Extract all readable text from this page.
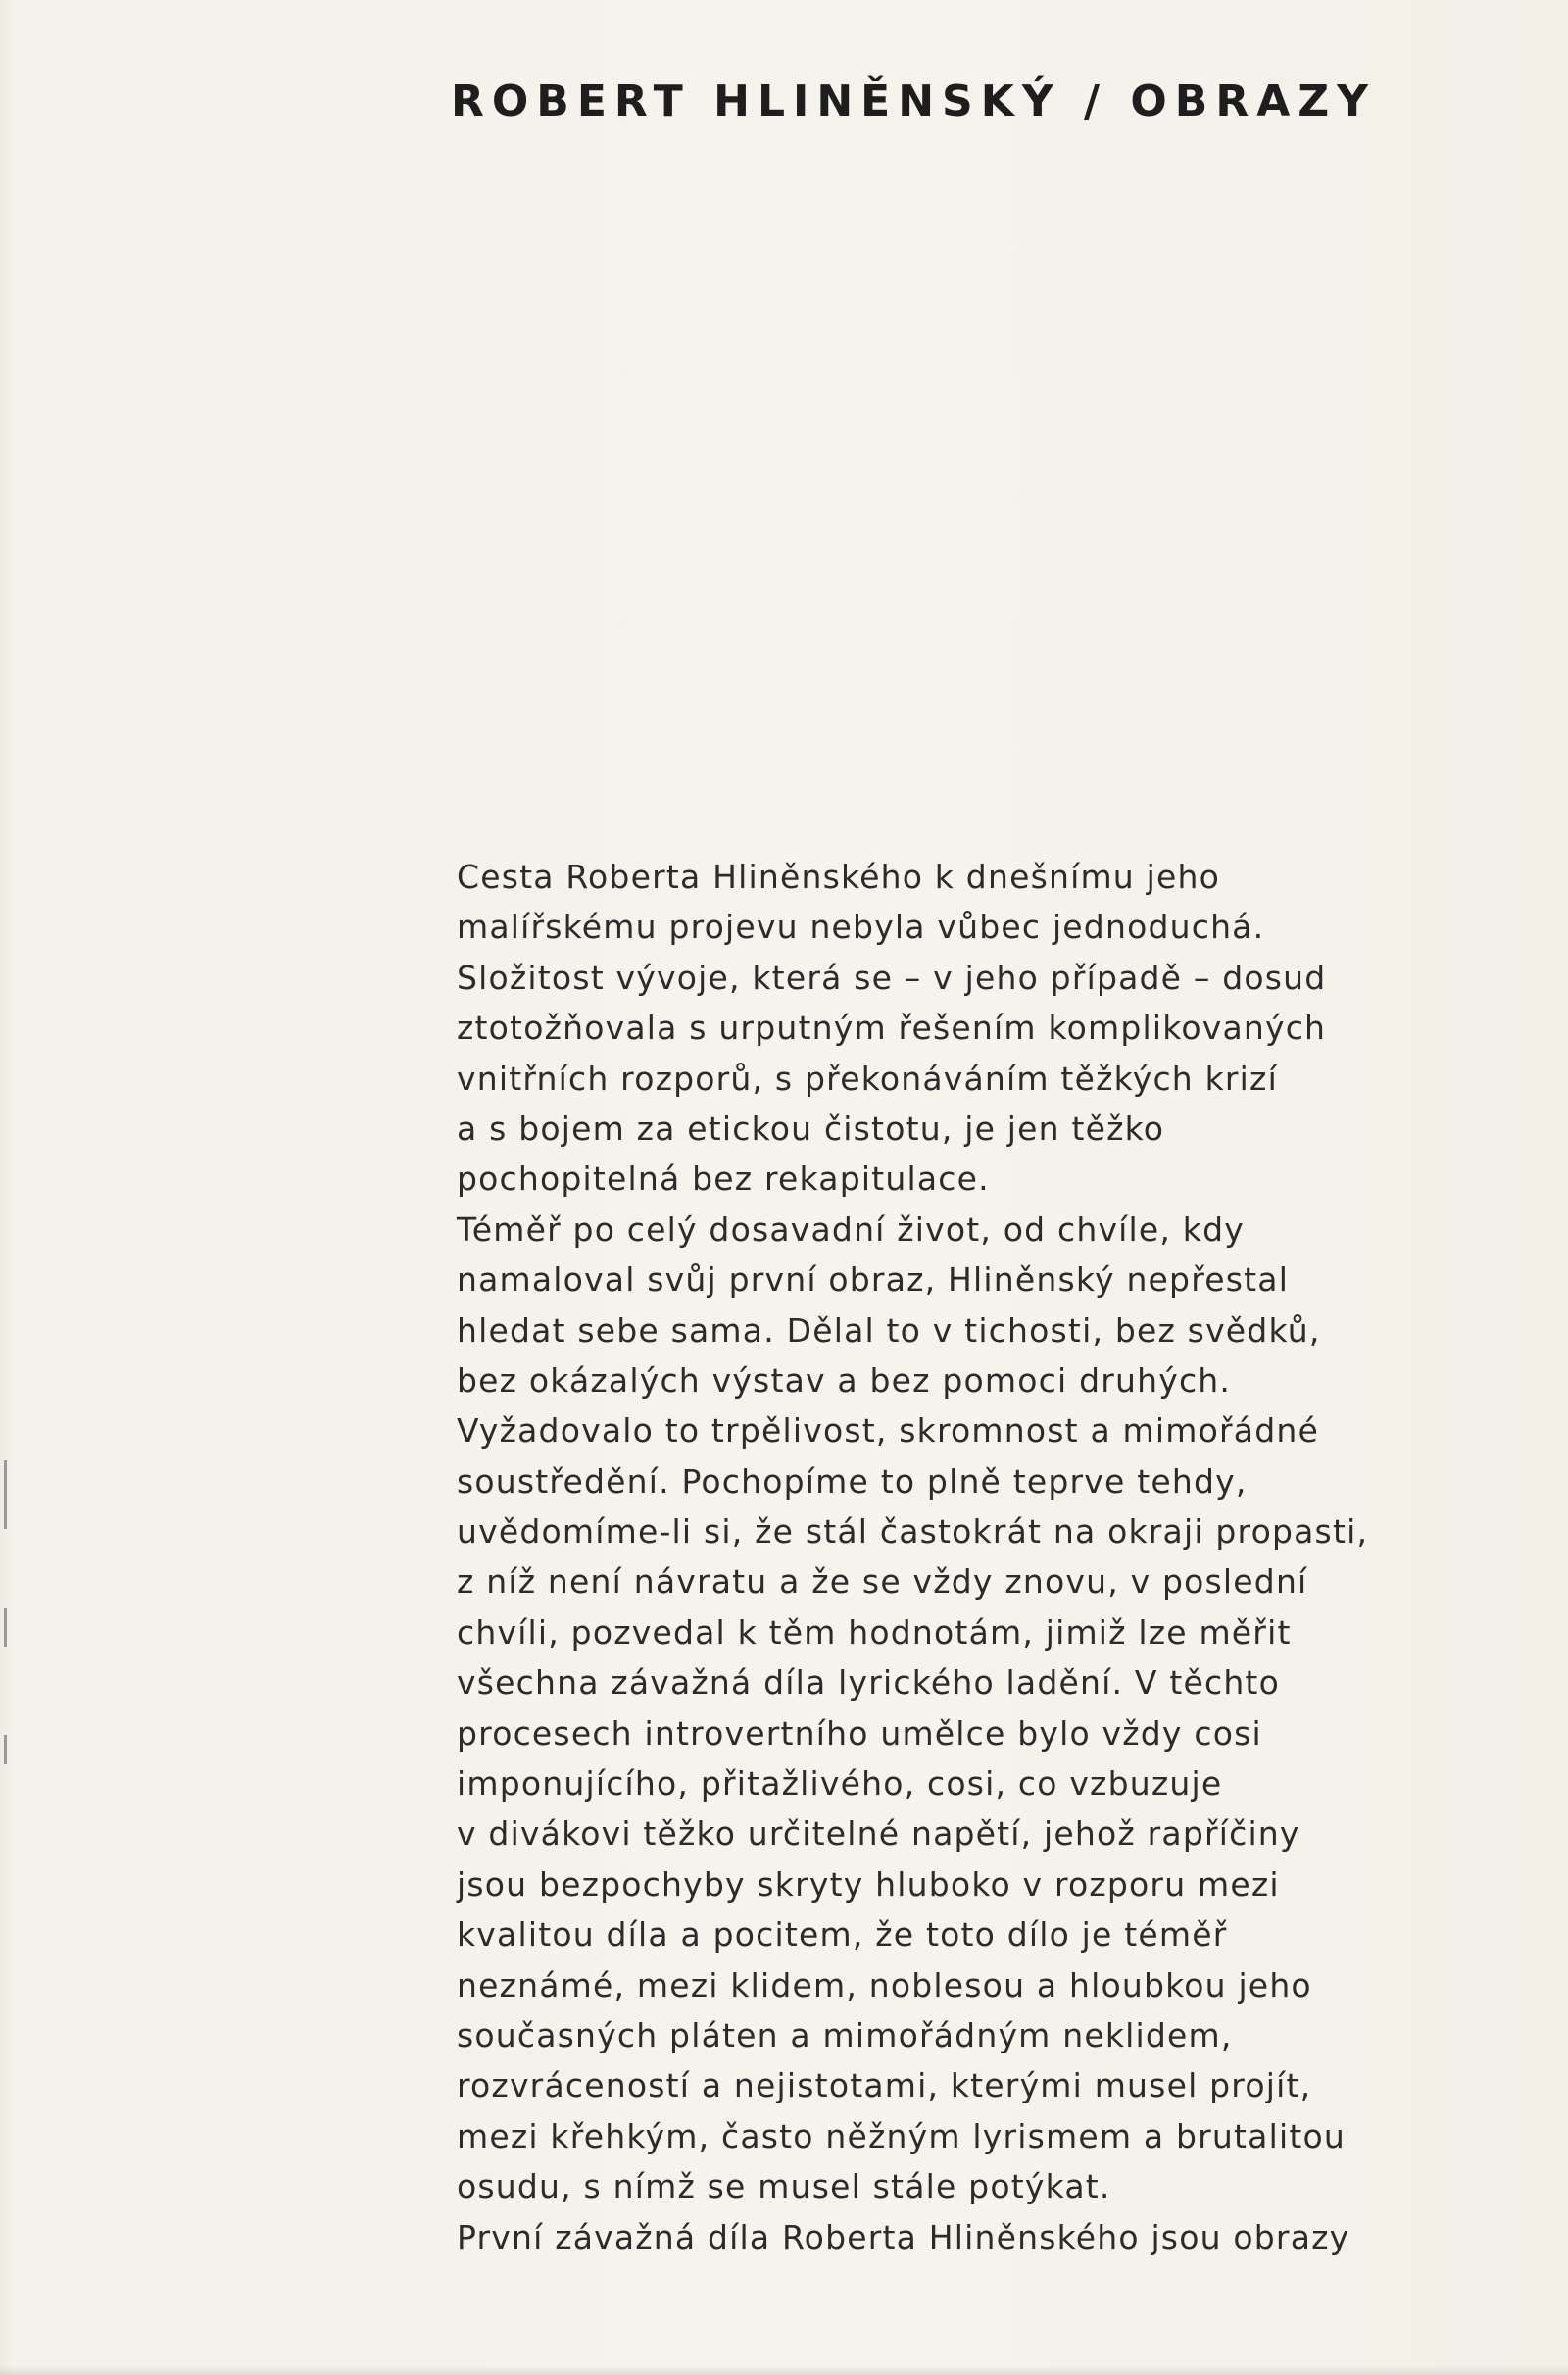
ROBERT HLINĚNSKÝ / OBRAZY
Cesta Roberta Hliněnského k dnešnímu jeho
malířskému projevu nebyla vůbec jednoduchá.
Složitost vývoje, která se – v jeho případě – dosud
ztotožňovala s urputným řešením komplikovaných
vnitřních rozporů, s překonáváním těžkých krizí
a s bojem za etickou čistotu, je jen těžko
pochopitelná bez rekapitulace.
Téměř po celý dosavadní život, od chvíle, kdy
namaloval svůj první obraz, Hliněnský nepřestal
hledat sebe sama. Dělal to v tichosti, bez svědků,
bez okázalých výstav a bez pomoci druhých.
Vyžadovalo to trpělivost, skromnost a mimořádné
soustředění. Pochopíme to plně teprve tehdy,
uvědomíme-li si, že stál častokrát na okraji propasti,
z níž není návratu a že se vždy znovu, v poslední
chvíli, pozvedal k těm hodnotám, jimiž lze měřit
všechna závažná díla lyrického ladění. V těchto
procesech introvertního umělce bylo vždy cosi
imponujícího, přitažlivého, cosi, co vzbuzuje
v divákovi těžko určitelné napětí, jehož rapříčiny
jsou bezpochyby skryty hluboko v rozporu mezi
kvalitou díla a pocitem, že toto dílo je téměř
neznámé, mezi klidem, noblesou a hloubkou jeho
současných pláten a mimořádným neklidem,
rozvráceností a nejistotami, kterými musel projít,
mezi křehkým, často něžným lyrismem a brutalitou
osudu, s nímž se musel stále potýkat.
První závažná díla Roberta Hliněnského jsou obrazy
